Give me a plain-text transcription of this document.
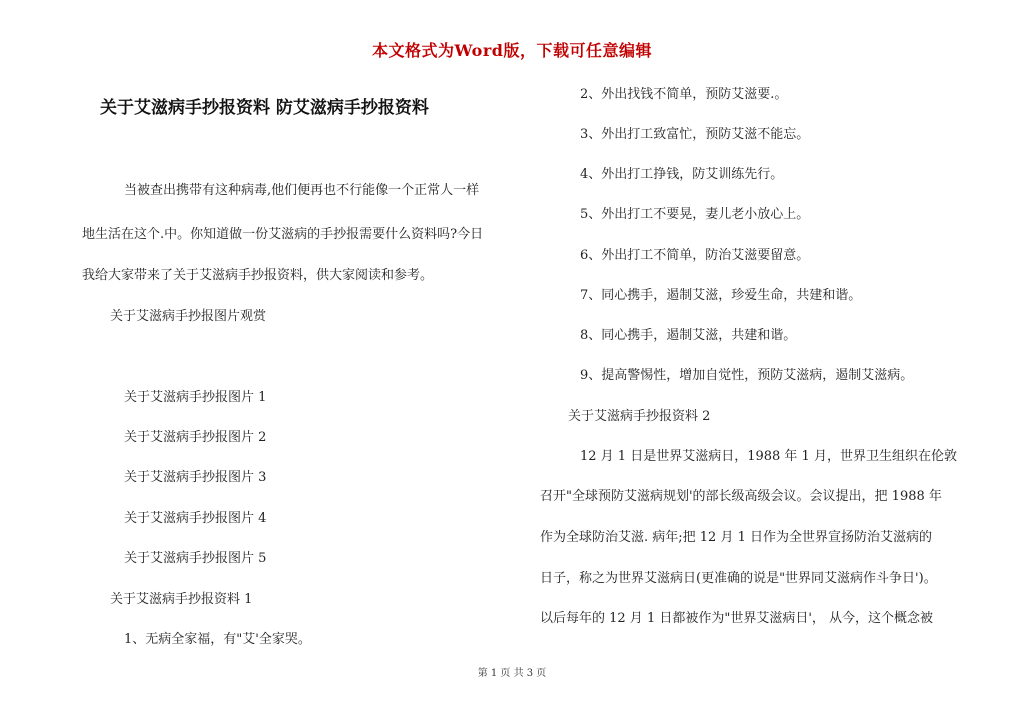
本文格式为Word版，下载可任意编辑
关于艾滋病手抄报资料 防艾滋病手抄报资料
当被查出携带有这种病毒,他们便再也不行能像一个正常人一样
地生活在这个.中。你知道做一份艾滋病的手抄报需要什么资料吗?今日
我给大家带来了关于艾滋病手抄报资料，供大家阅读和参考。
关于艾滋病手抄报图片观赏
关于艾滋病手抄报图片 1
关于艾滋病手抄报图片 2
关于艾滋病手抄报图片 3
关于艾滋病手抄报图片 4
关于艾滋病手抄报图片 5
关于艾滋病手抄报资料 1
1、无病全家福，有"艾'全家哭。
2、外出找钱不简单，预防艾滋要.。
3、外出打工致富忙，预防艾滋不能忘。
4、外出打工挣钱，防艾训练先行。
5、外出打工不要晃，妻儿老小放心上。
6、外出打工不简单，防治艾滋要留意。
7、同心携手，遏制艾滋，珍爱生命，共建和谐。
8、同心携手，遏制艾滋，共建和谐。
9、提高警惕性，增加自觉性，预防艾滋病，遏制艾滋病。
关于艾滋病手抄报资料 2
12 月 1 日是世界艾滋病日，1988 年 1 月，世界卫生组织在伦敦
召开"全球预防艾滋病规划'的部长级高级会议。会议提出，把 1988 年
作为全球防治艾滋. 病年;把 12 月 1 日作为全世界宣扬防治艾滋病的
日子，称之为世界艾滋病日(更准确的说是"世界同艾滋病作斗争日')。
以后每年的 12 月 1 日都被作为"世界艾滋病日'， 从今，这个概念被
第 1 页 共 3 页
